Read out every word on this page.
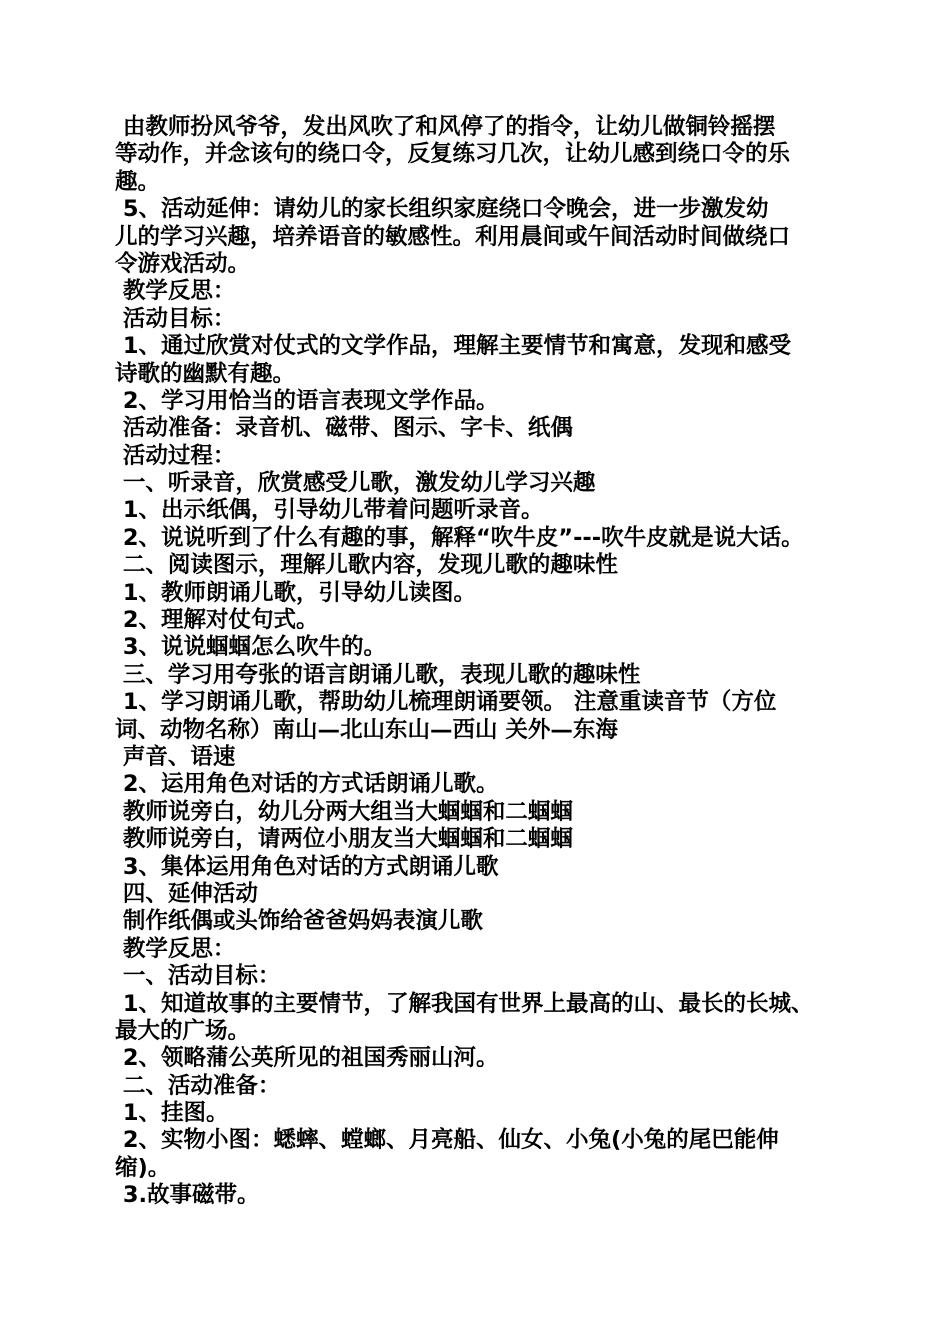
由教师扮风爷爷，发出风吹了和风停了的指令，让幼儿做铜铃摇摆

等动作，并念该句的绕口令，反复练习几次，让幼儿感到绕口令的乐

趣。

5、活动延伸：请幼儿的家长组织家庭绕口令晚会，进一步激发幼

儿的学习兴趣，培养语音的敏感性。利用晨间或午间活动时间做绕口

令游戏活动。

教学反思：

活动目标：

1、通过欣赏对仗式的文学作品，理解主要情节和寓意，发现和感受

诗歌的幽默有趣。

2、学习用恰当的语言表现文学作品。

活动准备：录音机、磁带、图示、字卡、纸偶

活动过程：

一、听录音，欣赏感受儿歌，激发幼儿学习兴趣

1、出示纸偶，引导幼儿带着问题听录音。

2、说说听到了什么有趣的事，解释“吹牛皮”---吹牛皮就是说大话。

二、阅读图示，理解儿歌内容，发现儿歌的趣味性

1、教师朗诵儿歌，引导幼儿读图。

2、理解对仗句式。

3、说说蝈蝈怎么吹牛的。

三、学习用夸张的语言朗诵儿歌，表现儿歌的趣味性

1、学习朗诵儿歌，帮助幼儿梳理朗诵要领。 注意重读音节（方位

词、动物名称）南山—北山东山—西山 关外—东海

声音、语速

2、运用角色对话的方式话朗诵儿歌。

教师说旁白，幼儿分两大组当大蝈蝈和二蝈蝈

教师说旁白，请两位小朋友当大蝈蝈和二蝈蝈

3、集体运用角色对话的方式朗诵儿歌

四、延伸活动

制作纸偶或头饰给爸爸妈妈表演儿歌

教学反思：

一、活动目标：

1、知道故事的主要情节，了解我国有世界上最高的山、最长的长城、

最大的广场。

2、领略蒲公英所见的祖国秀丽山河。

二、活动准备：

1、挂图。

2、实物小图：蟋蟀、螳螂、月亮船、仙女、小兔(小兔的尾巴能伸

缩)。

3.故事磁带。
